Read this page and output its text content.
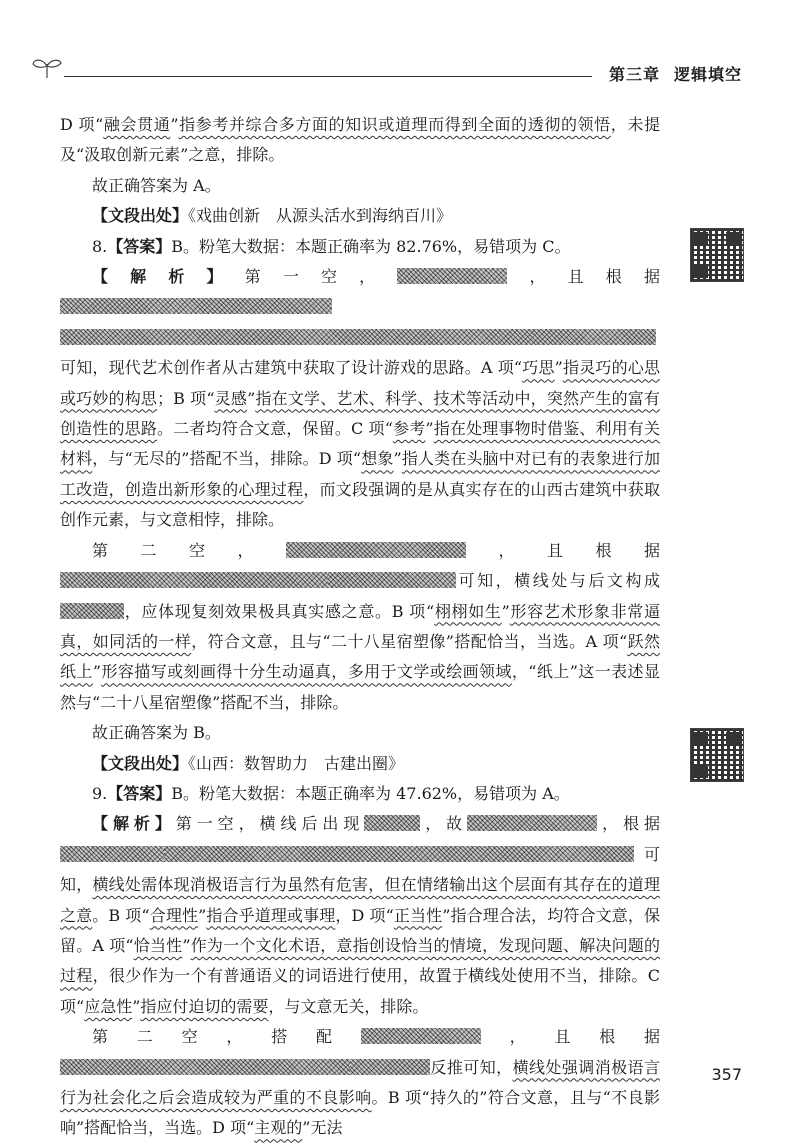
第三章 逻辑填空

D 项“融会贯通”指参考并综合多方面的知识或道理而得到全面的透彻的领悟，未提及“汲取创新元素”之意，排除。

故正确答案为 A。

【文段出处】《戏曲创新　从源头活水到海纳百川》

8.【答案】B。粉笔大数据：本题正确率为 82.76%，易错项为 C。

【解析】第一空，	，且根据可知，现代艺术创作者从古建筑中获取了设计游戏的思路。A 项“巧思”指灵巧的心思或巧妙的构思；B 项“灵感”指在文学、艺术、科学、技术等活动中，突然产生的富有创造性的思路。二者均符合文意，保留。C 项“参考”指在处理事物时借鉴、利用有关材料，与“无尽的”搭配不当，排除。D 项“想象”指人类在头脑中对已有的表象进行加工改造，创造出新形象的心理过程，而文段强调的是从真实存在的山西古建筑中获取创作元素，与文意相悖，排除。

第二空，	，且根据可知，横线处与后文构成，应体现复刻效果极具真实感之意。B 项“栩栩如生”形容艺术形象非常逼真，如同活的一样，符合文意，且与“二十八星宿塑像”搭配恰当，当选。A 项“跃然纸上”形容描写或刻画得十分生动逼真，多用于文学或绘画领域，“纸上”这一表述显然与“二十八星宿塑像”搭配不当，排除。

故正确答案为 B。

【文段出处】《山西：数智助力　古建出圈》

9.【答案】B。粉笔大数据：本题正确率为 47.62%，易错项为 A。

【解析】第一空，横线后出现	，故	，根据可知，横线处需体现消极语言行为虽然有危害，但在情绪输出这个层面有其存在的道理之意。B 项“合理性”指合乎道理或事理，D 项“正当性”指合理合法，均符合文意，保留。A 项“恰当性”作为一个文化术语，意指创设恰当的情境，发现问题、解决问题的过程，很少作为一个有普通语义的词语进行使用，故置于横线处使用不当，排除。C 项“应急性”指应付迫切的需要，与文意无关，排除。

第二空，搭配	，且根据反推可知，横线处强调消极语言行为社会化之后会造成较为严重的不良影响。B 项“持久的”符合文意，且与“不良影响”搭配恰当，当选。D 项“主观的”无法

357
